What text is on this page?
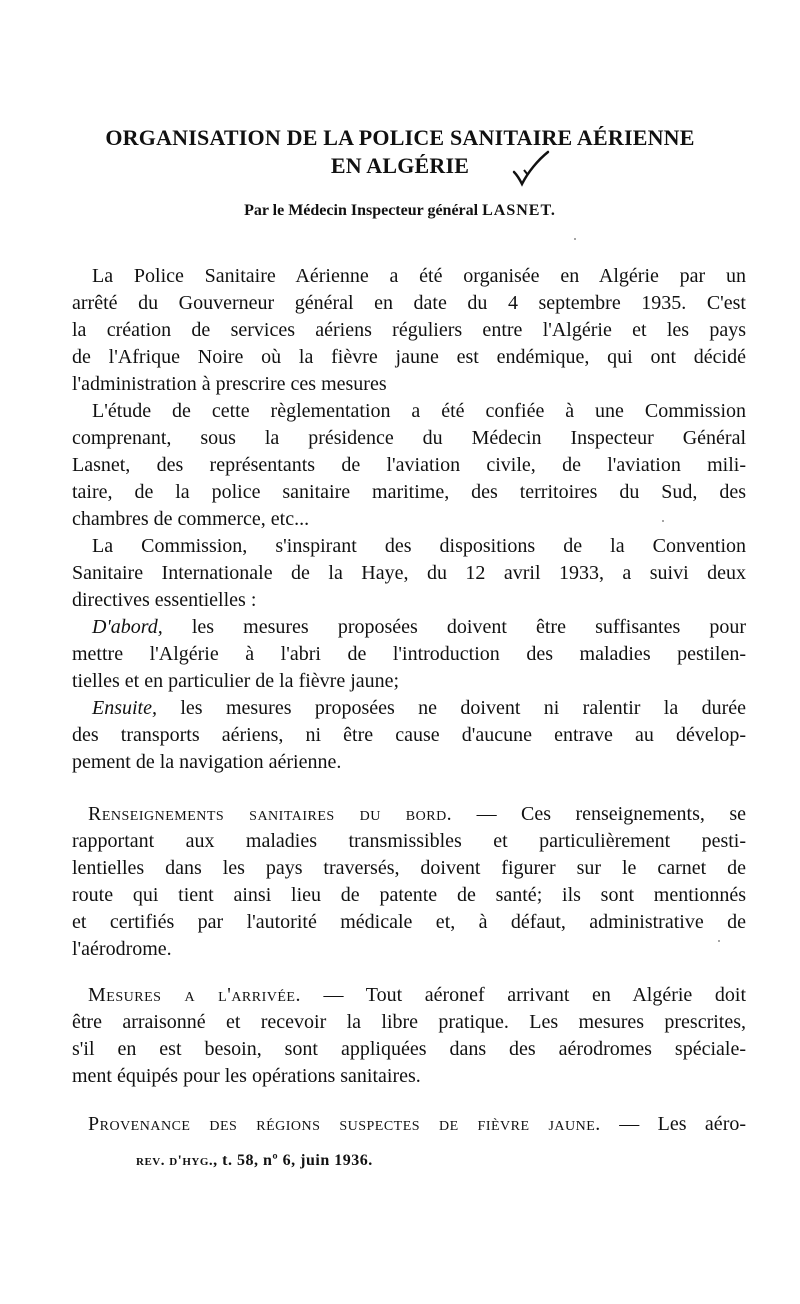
ORGANISATION DE LA POLICE SANITAIRE AÉRIENNE
EN ALGÉRIE
Par le Médecin Inspecteur général LASNET.
La Police Sanitaire Aérienne a été organisée en Algérie par un
arrêté du Gouverneur général en date du 4 septembre 1935. C'est
la création de services aériens réguliers entre l'Algérie et les pays
de l'Afrique Noire où la fièvre jaune est endémique, qui ont décidé
l'administration à prescrire ces mesures
L'étude de cette règlementation a été confiée à une Commission
comprenant, sous la présidence du Médecin Inspecteur Général
Lasnet, des représentants de l'aviation civile, de l'aviation mili-
taire, de la police sanitaire maritime, des territoires du Sud, des
chambres de commerce, etc...
La Commission, s'inspirant des dispositions de la Convention
Sanitaire Internationale de la Haye, du 12 avril 1933, a suivi deux
directives essentielles :
D'abord, les mesures proposées doivent être suffisantes pour
mettre l'Algérie à l'abri de l'introduction des maladies pestilen-
tielles et en particulier de la fièvre jaune;
Ensuite, les mesures proposées ne doivent ni ralentir la durée
des transports aériens, ni être cause d'aucune entrave au dévelop-
pement de la navigation aérienne.
Renseignements sanitaires du bord. — Ces renseignements, se
rapportant aux maladies transmissibles et particulièrement pesti-
lentielles dans les pays traversés, doivent figurer sur le carnet de
route qui tient ainsi lieu de patente de santé; ils sont mentionnés
et certifiés par l'autorité médicale et, à défaut, administrative de
l'aérodrome.
Mesures a l'arrivée. — Tout aéronef arrivant en Algérie doit
être arraisonné et recevoir la libre pratique. Les mesures prescrites,
s'il en est besoin, sont appliquées dans des aérodromes spéciale-
ment équipés pour les opérations sanitaires.
Provenance des régions suspectes de fièvre jaune. — Les aéro-
rev. d'hyg., t. 58, nº 6, juin 1936.
